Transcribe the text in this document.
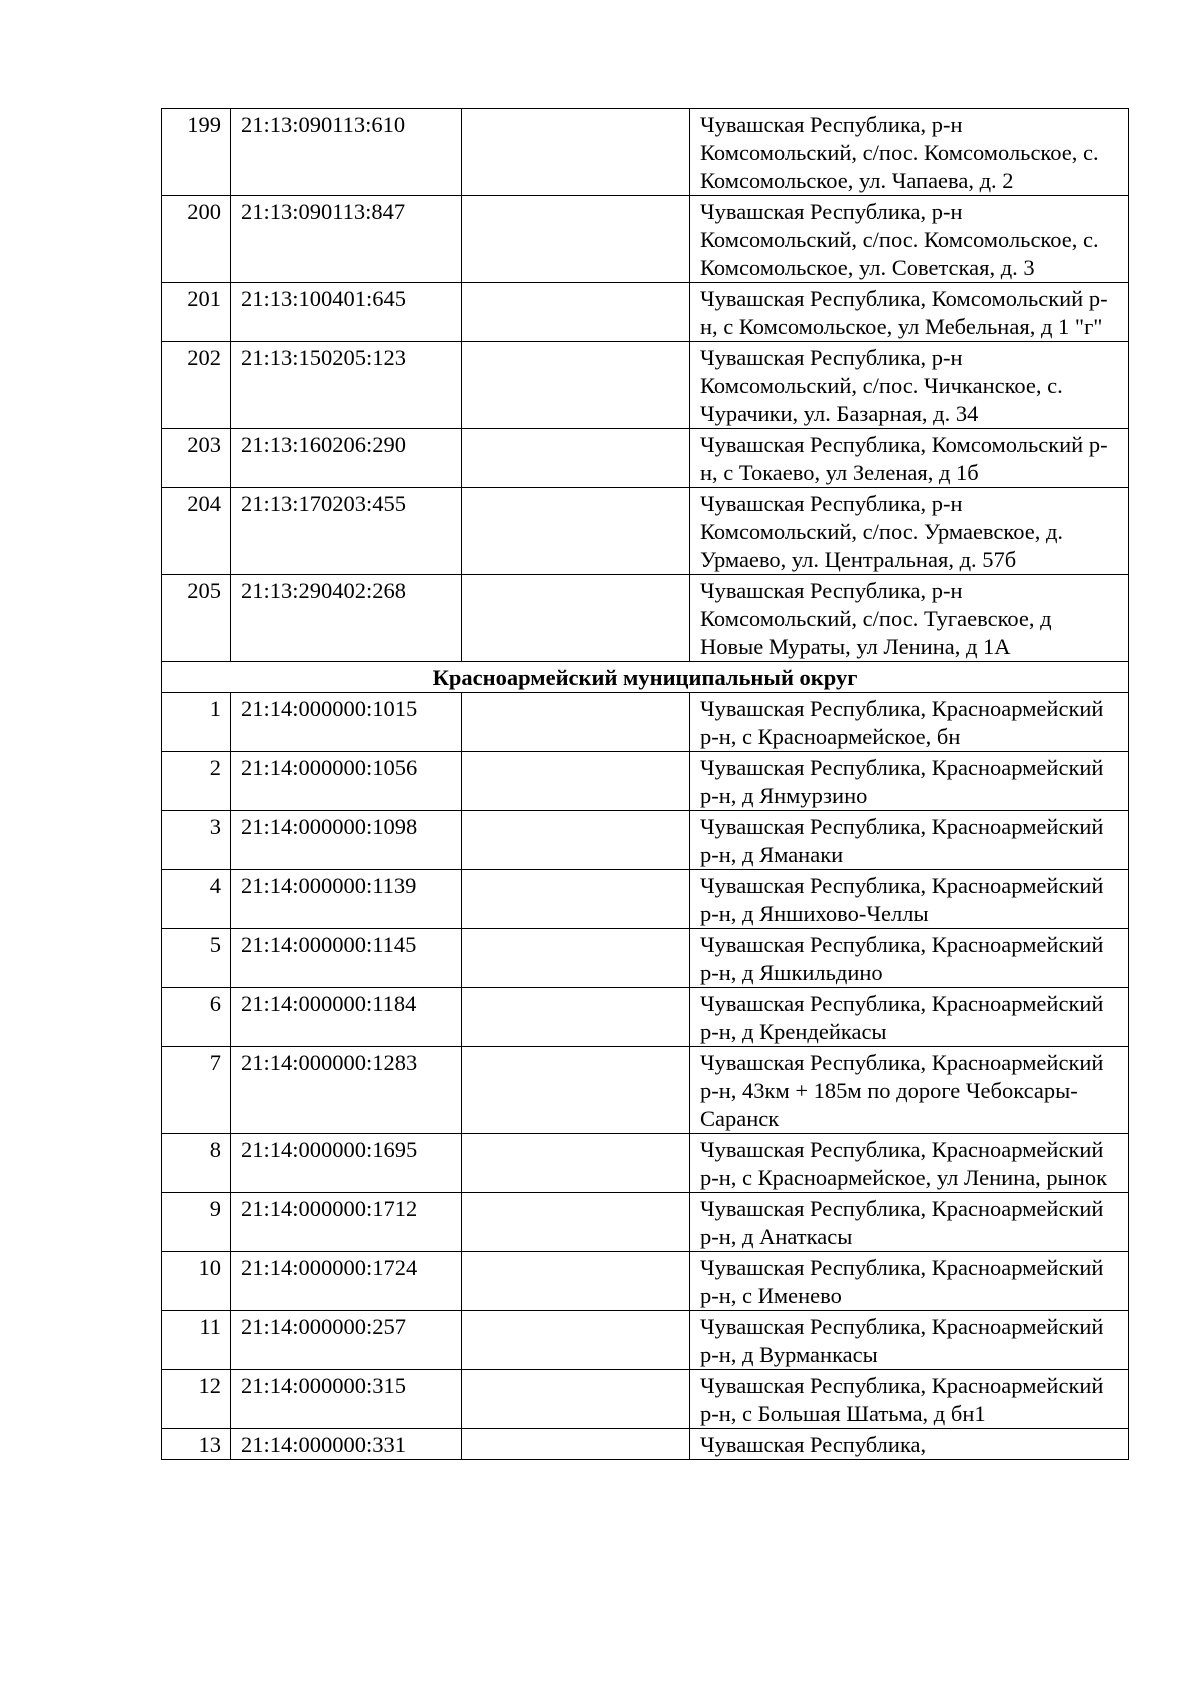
199	21:13:090113:610		Чувашская Республика, р-н Комсомольский, с/пос. Комсомольское, с. Комсомольское, ул. Чапаева, д. 2
200	21:13:090113:847		Чувашская Республика, р-н Комсомольский, с/пос. Комсомольское, с. Комсомольское, ул. Советская, д. 3
201	21:13:100401:645		Чувашская Республика, Комсомольский р-н, с Комсомольское, ул Мебельная, д 1 "г"
202	21:13:150205:123		Чувашская Республика, р-н Комсомольский, с/пос. Чичканское, с. Чурачики, ул. Базарная, д. 34
203	21:13:160206:290		Чувашская Республика, Комсомольский р-н, с Токаево, ул Зеленая, д 1б
204	21:13:170203:455		Чувашская Республика, р-н Комсомольский, с/пос. Урмаевское, д. Урмаево, ул. Центральная, д. 57б
205	21:13:290402:268		Чувашская Республика, р-н Комсомольский, с/пос. Тугаевское, д Новые Мураты, ул Ленина, д 1А
Красноармейский муниципальный округ			
1	21:14:000000:1015		Чувашская Республика, Красноармейский р-н, с Красноармейское, бн
2	21:14:000000:1056		Чувашская Республика, Красноармейский р-н, д Янмурзино
3	21:14:000000:1098		Чувашская Республика, Красноармейский р-н, д Яманаки
4	21:14:000000:1139		Чувашская Республика, Красноармейский р-н, д Яншихово-Челлы
5	21:14:000000:1145		Чувашская Республика, Красноармейский р-н, д Яшкильдино
6	21:14:000000:1184		Чувашская Республика, Красноармейский р-н, д Крендейкасы
7	21:14:000000:1283		Чувашская Республика, Красноармейский р-н, 43км + 185м по дороге Чебоксары-Саранск
8	21:14:000000:1695		Чувашская Республика, Красноармейский р-н, с Красноармейское, ул Ленина, рынок
9	21:14:000000:1712		Чувашская Республика, Красноармейский р-н, д Анаткасы
10	21:14:000000:1724		Чувашская Республика, Красноармейский р-н, с Именево
11	21:14:000000:257		Чувашская Республика, Красноармейский р-н, д Вурманкасы
12	21:14:000000:315		Чувашская Республика, Красноармейский р-н, с Большая Шатьма, д бн1
13	21:14:000000:331		Чувашская Республика,
